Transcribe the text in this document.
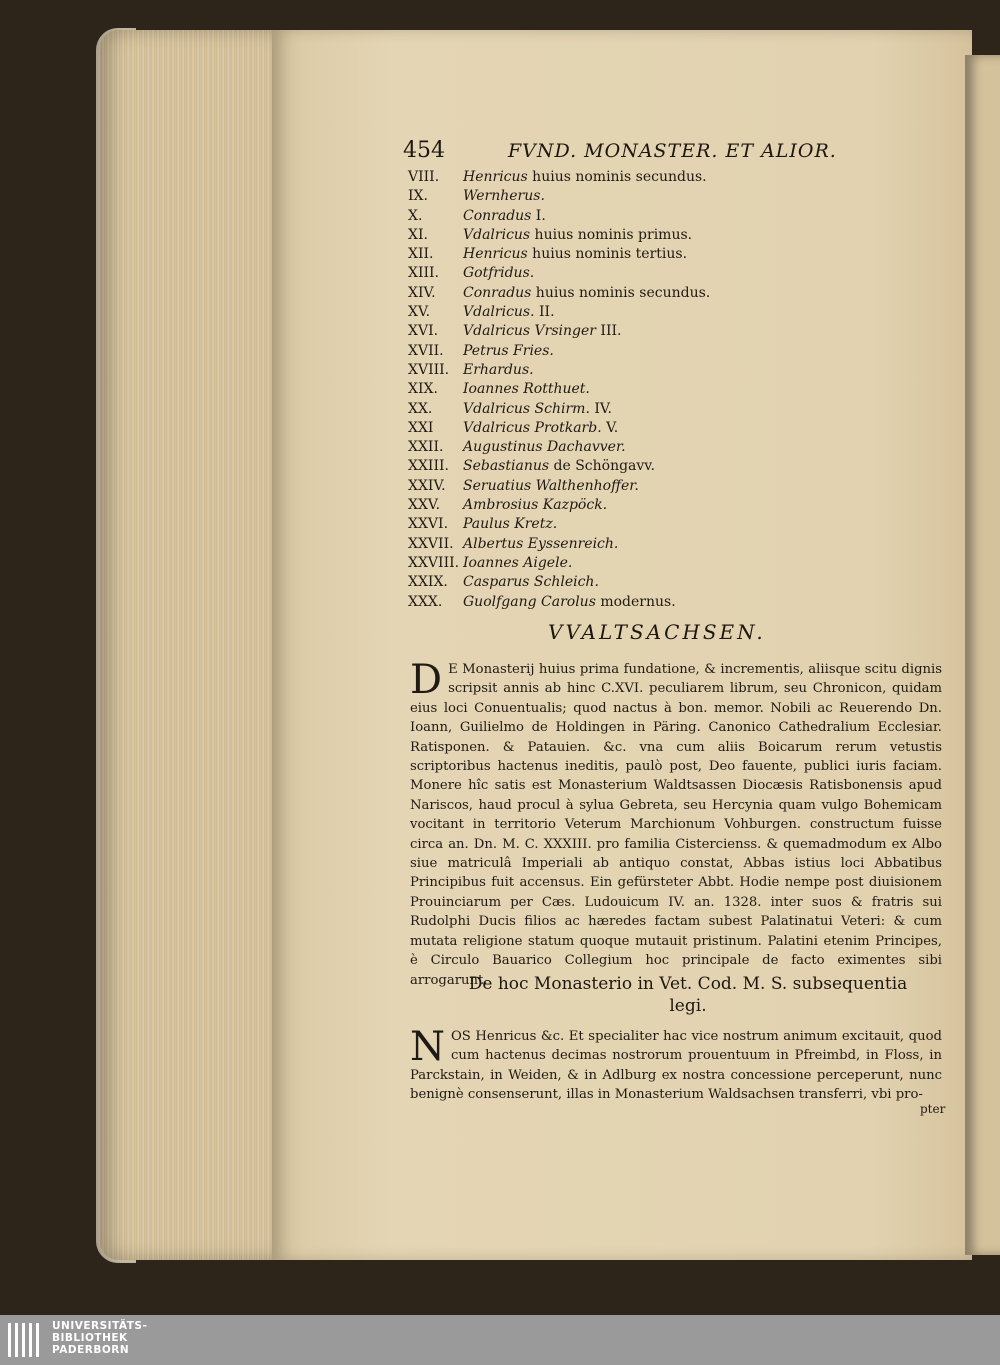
454	FVND. MONASTER. ET ALIOR.
VIII. Henricus huius nominis secundus.
IX.	Wernherus.
X.	Conradus I.
XI.	Vdalricus huius nominis primus.
XII. Henricus huius nominis tertius.
XIII. Gotfridus.
XIV. Conradus huius nominis secundus.
XV. Vdalricus. II.
XVI. Vdalricus Vrsinger III.
XVII. Petrus Fries.
XVIII. Erhardus.
XIX. Ioannes Rotthuet.
XX. Vdalricus Schirm. IV.
XXI Vdalricus Protkarb. V.
XXII. Augustinus Dachavver.
XXIII. Sebastianus de Schöngavv.
XXIV. Seruatius Walthenhoffer.
XXV. Ambrosius Kazpöck.
XXVI. Paulus Kretz.
XXVII. Albertus Eyssenreich.
XXVIII. Ioannes Aigele.
XXIX. Casparus Schleich.
XXX. Guolfgang Carolus modernus.
VVALTSACHSEN.
D E Monasterij huius prima fundatione, & incrementis, aliisque scitu dignis scripsit annis ab hinc C.XVI. peculiarem librum, seu Chronicon, quidam eius loci Conuentualis; quod nactus à bon. memor. Nobili ac Reuerendo Dn. Ioann, Guilielmo de Holdingen in Päring. Canonico Cathedralium Ecclesiar. Ratisponen. & Patauien. &c. vna cum aliis Boicarum rerum vetustis scriptoribus hactenus ineditis, paulò post, Deo fauente, publici iuris faciam. Monere hîc satis est Monasterium Waldtsassen Diocæsis Ratisbonensis apud Nariscos, haud procul à sylua Gebreta, seu Hercynia quam vulgo Bohemicam vocitant in territorio Veterum Marchionum Vohburgen. constructum fuisse circa an. Dn. M. C. XXXIII. pro familia Cistercienss. & quemadmodum ex Albo siue matriculâ Imperiali ab antiquo constat, Abbas istius loci Abbatibus Principibus fuit accensus. Ein gefürsteter Abbt. Hodie nempe post diuisionem Prouinciarum per Cæs. Ludouicum IV. an. 1328. inter suos & fratris sui Rudolphi Ducis filios ac hæredes factam subest Palatinatui Veteri: & cum mutata religione statum quoque mutauit pristinum. Palatini etenim Principes, è Circulo Bauarico Collegium hoc principale de facto eximentes sibi arrogarunt.
De hoc Monasterio in Vet. Cod. M. S. subsequentia legi.
NOS Henricus &c. Et specialiter hac vice nostrum animum excitauit, quod cum hactenus decimas nostrorum prouentuum in Pfreimbd, in Floss, in Parckstain, in Weiden, & in Adlburg ex nostra concessione perceperunt, nunc benignè consenserunt, illas in Monasterium Waldsachsen transferri, vbi pro-
pter
UNIVERSITÄTS-
BIBLIOTHEK
PADERBORN
